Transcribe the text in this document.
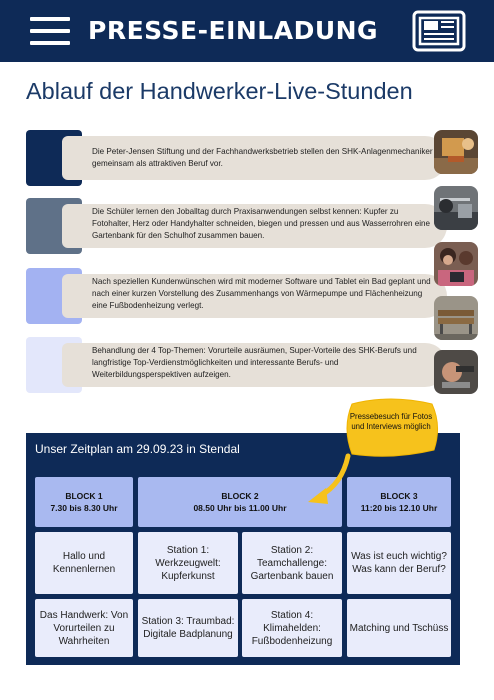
PRESSE-EINLADUNG
Ablauf der Handwerker-Live-Stunden
Die Peter-Jensen Stiftung und der Fachhandwerksbetrieb stellen den SHK-Anlagenmechaniker gemeinsam als attraktiven Beruf vor.
Die Schüler lernen den Joballtag durch Praxisanwendungen selbst kennen: Kupfer zu Fotohalter, Herz oder Handyhalter schneiden, biegen und pressen und aus Wasserrohren eine Gartenbank für den Schulhof zusammen bauen.
Nach speziellen Kundenwünschen wird mit moderner Software und Tablet ein Bad geplant und nach einer kurzen Vorstellung des Zusammenhangs von Wärmepumpe und Flächenheizung eine Fußbodenheizung verlegt.
Behandlung der 4 Top-Themen: Vorurteile ausräumen, Super-Vorteile des SHK-Berufs und langfristige Top-Verdienstmöglichkeiten und interessante Berufs- und Weiterbildungsperspektiven aufzeigen.
Unser Zeitplan am 29.09.23 in Stendal
BLOCK 1
7.30 bis 8.30 Uhr
BLOCK 2
08.50 Uhr bis 11.00 Uhr
BLOCK 3
11:20 bis 12.10 Uhr
Hallo und Kennenlernen
Station 1: Werkzeugwelt: Kupferkunst
Station 2: Teamchallenge: Gartenbank bauen
Was ist euch wichtig? Was kann der Beruf?
Das Handwerk: Von Vorurteilen zu Wahrheiten
Station 3: Traumbad: Digitale Badplanung
Station 4: Klimahelden: Fußbodenheizung
Matching und Tschüss
Pressebesuch für Fotos und Interviews möglich
